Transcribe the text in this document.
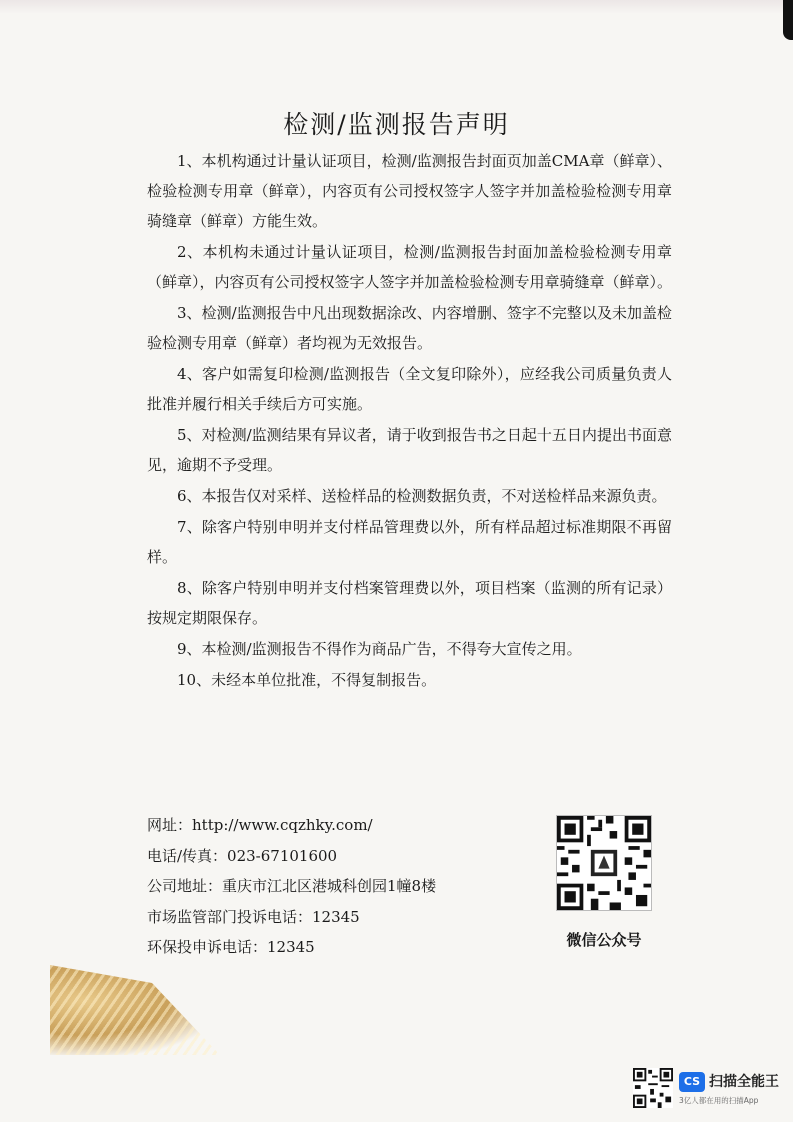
检测/监测报告声明

1、本机构通过计量认证项目，检测/监测报告封面页加盖CMA章（鲜章）、检验检测专用章（鲜章），内容页有公司授权签字人签字并加盖检验检测专用章骑缝章（鲜章）方能生效。

2、本机构未通过计量认证项目，检测/监测报告封面加盖检验检测专用章（鲜章），内容页有公司授权签字人签字并加盖检验检测专用章骑缝章（鲜章）。

3、检测/监测报告中凡出现数据涂改、内容增删、签字不完整以及未加盖检验检测专用章（鲜章）者均视为无效报告。

4、客户如需复印检测/监测报告（全文复印除外），应经我公司质量负责人批准并履行相关手续后方可实施。

5、对检测/监测结果有异议者，请于收到报告书之日起十五日内提出书面意见，逾期不予受理。

6、本报告仅对采样、送检样品的检测数据负责，不对送检样品来源负责。

7、除客户特别申明并支付样品管理费以外，所有样品超过标准期限不再留样。

8、除客户特别申明并支付档案管理费以外，项目档案（监测的所有记录）按规定期限保存。

9、本检测/监测报告不得作为商品广告，不得夸大宣传之用。

10、未经本单位批准，不得复制报告。

网址：http://www.cqzhky.com/

电话/传真：023-67101600

公司地址：重庆市江北区港城科创园1幢8楼

市场监管部门投诉电话：12345

环保投申诉电话：12345	微信公众号
CS 扫描全能王
3亿人都在用的扫描App
